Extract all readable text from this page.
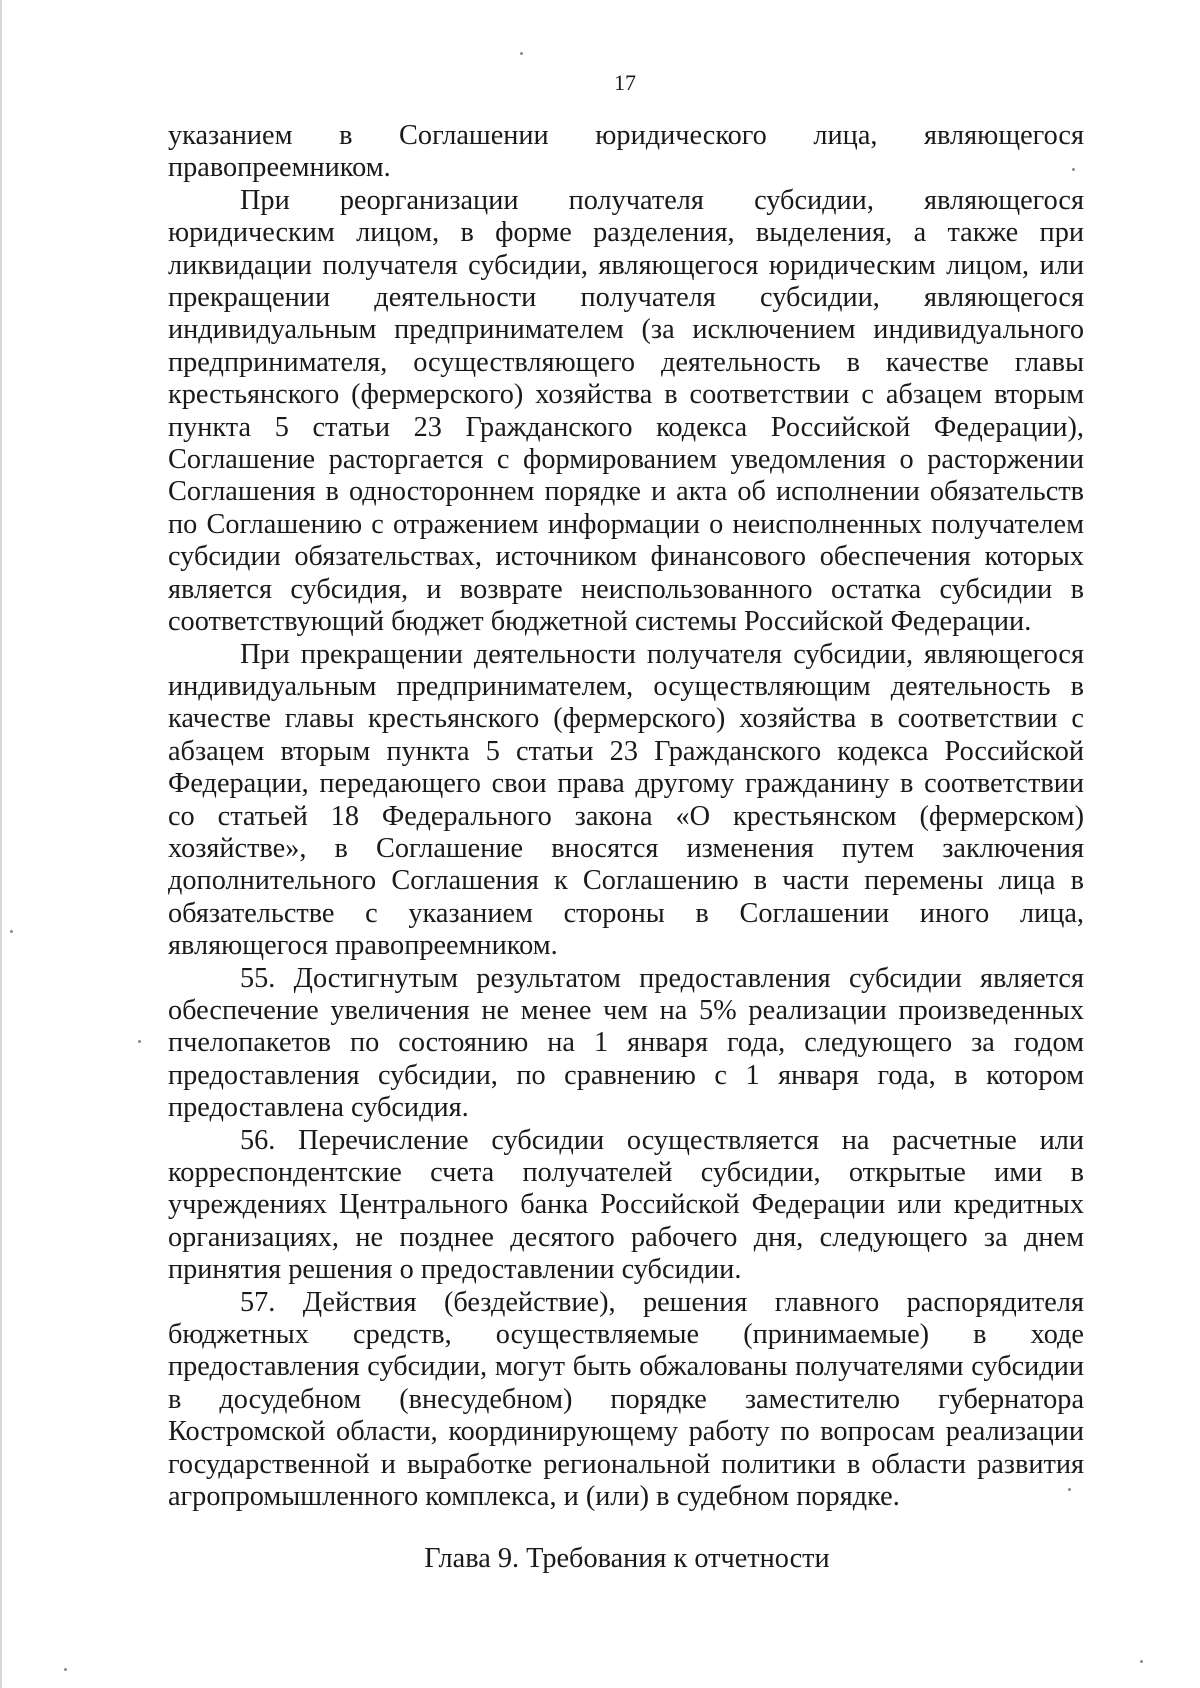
17

указанием в Соглашении юридического лица, являющегося правопреемником.

При реорганизации получателя субсидии, являющегося юридическим лицом, в форме разделения, выделения, а также при ликвидации получателя субсидии, являющегося юридическим лицом, или прекращении деятельности получателя субсидии, являющегося индивидуальным предпринимателем (за исключением индивидуального предпринимателя, осуществляющего деятельность в качестве главы крестьянского (фермерского) хозяйства в соответствии с абзацем вторым пункта 5 статьи 23 Гражданского кодекса Российской Федерации), Соглашение расторгается с формированием уведомления о расторжении Соглашения в одностороннем порядке и акта об исполнении обязательств по Соглашению с отражением информации о неисполненных получателем субсидии обязательствах, источником финансового обеспечения которых является субсидия, и возврате неиспользованного остатка субсидии в соответствующий бюджет бюджетной системы Российской Федерации.

При прекращении деятельности получателя субсидии, являющегося индивидуальным предпринимателем, осуществляющим деятельность в качестве главы крестьянского (фермерского) хозяйства в соответствии с абзацем вторым пункта 5 статьи 23 Гражданского кодекса Российской Федерации, передающего свои права другому гражданину в соответствии со статьей 18 Федерального закона «О крестьянском (фермерском) хозяйстве», в Соглашение вносятся изменения путем заключения дополнительного Соглашения к Соглашению в части перемены лица в обязательстве с указанием стороны в Соглашении иного лица, являющегося правопреемником.

55. Достигнутым результатом предоставления субсидии является обеспечение увеличения не менее чем на 5% реализации произведенных пчелопакетов по состоянию на 1 января года, следующего за годом предоставления субсидии, по сравнению с 1 января года, в котором предоставлена субсидия.

56. Перечисление субсидии осуществляется на расчетные или корреспондентские счета получателей субсидии, открытые ими в учреждениях Центрального банка Российской Федерации или кредитных организациях, не позднее десятого рабочего дня, следующего за днем принятия решения о предоставлении субсидии.

57. Действия (бездействие), решения главного распорядителя бюджетных средств, осуществляемые (принимаемые) в ходе предоставления субсидии, могут быть обжалованы получателями субсидии в досудебном (внесудебном) порядке заместителю губернатора Костромской области, координирующему работу по вопросам реализации государственной и выработке региональной политики в области развития агропромышленного комплекса, и (или) в судебном порядке.

Глава 9. Требования к отчетности
